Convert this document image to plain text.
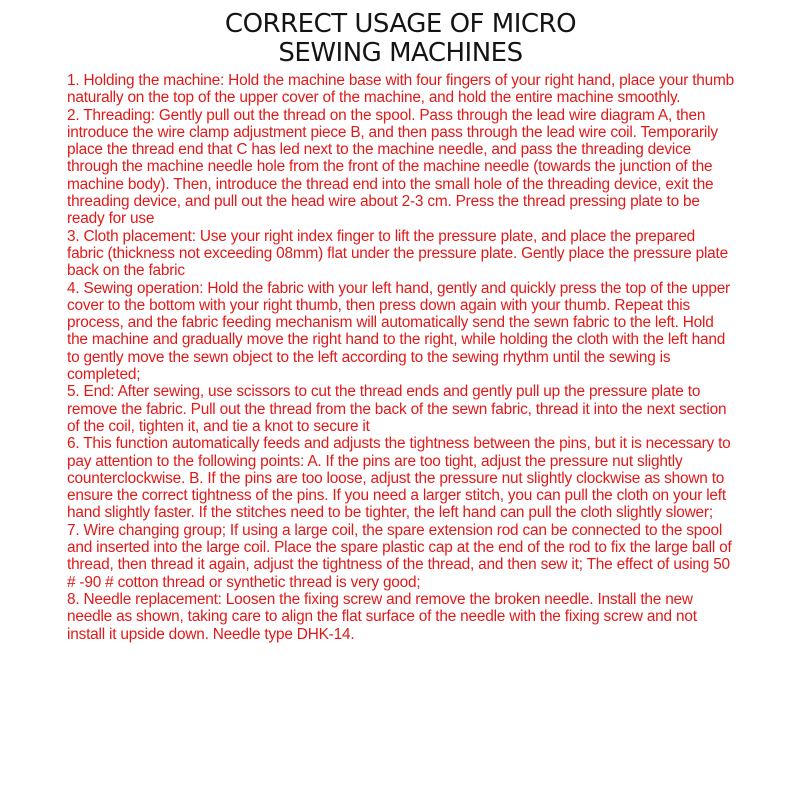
CORRECT USAGE OF MICRO
SEWING MACHINES

1. Holding the machine: Hold the machine base with four fingers of your right hand, place your thumb naturally on the top of the upper cover of the machine, and hold the entire machine smoothly.

2. Threading: Gently pull out the thread on the spool. Pass through the lead wire diagram A, then introduce the wire clamp adjustment piece B, and then pass through the lead wire coil. Temporarily place the thread end that C has led next to the machine needle, and pass the threading device through the machine needle hole from the front of the machine needle (towards the junction of the machine body). Then, introduce the thread end into the small hole of the threading device, exit the threading device, and pull out the head wire about 2-3 cm. Press the thread pressing plate to be ready for use

3. Cloth placement: Use your right index finger to lift the pressure plate, and place the prepared fabric (thickness not exceeding 08mm) flat under the pressure plate. Gently place the pressure plate back on the fabric

4. Sewing operation: Hold the fabric with your left hand, gently and quickly press the top of the upper cover to the bottom with your right thumb, then press down again with your thumb. Repeat this process, and the fabric feeding mechanism will automatically send the sewn fabric to the left. Hold the machine and gradually move the right hand to the right, while holding the cloth with the left hand to gently move the sewn object to the left according to the sewing rhythm until the sewing is completed;

5. End: After sewing, use scissors to cut the thread ends and gently pull up the pressure plate to remove the fabric. Pull out the thread from the back of the sewn fabric, thread it into the next section of the coil, tighten it, and tie a knot to secure it

6. This function automatically feeds and adjusts the tightness between the pins, but it is necessary to pay attention to the following points: A. If the pins are too tight, adjust the pressure nut slightly counterclockwise. B. If the pins are too loose, adjust the pressure nut slightly clockwise as shown to ensure the correct tightness of the pins. If you need a larger stitch, you can pull the cloth on your left hand slightly faster. If the stitches need to be tighter, the left hand can pull the cloth slightly slower;

7. Wire changing group; If using a large coil, the spare extension rod can be connected to the spool and inserted into the large coil. Place the spare plastic cap at the end of the rod to fix the large ball of thread, then thread it again, adjust the tightness of the thread, and then sew it; The effect of using 50 # -90 # cotton thread or synthetic thread is very good;

8. Needle replacement: Loosen the fixing screw and remove the broken needle. Install the new needle as shown, taking care to align the flat surface of the needle with the fixing screw and not install it upside down. Needle type DHK-14.
